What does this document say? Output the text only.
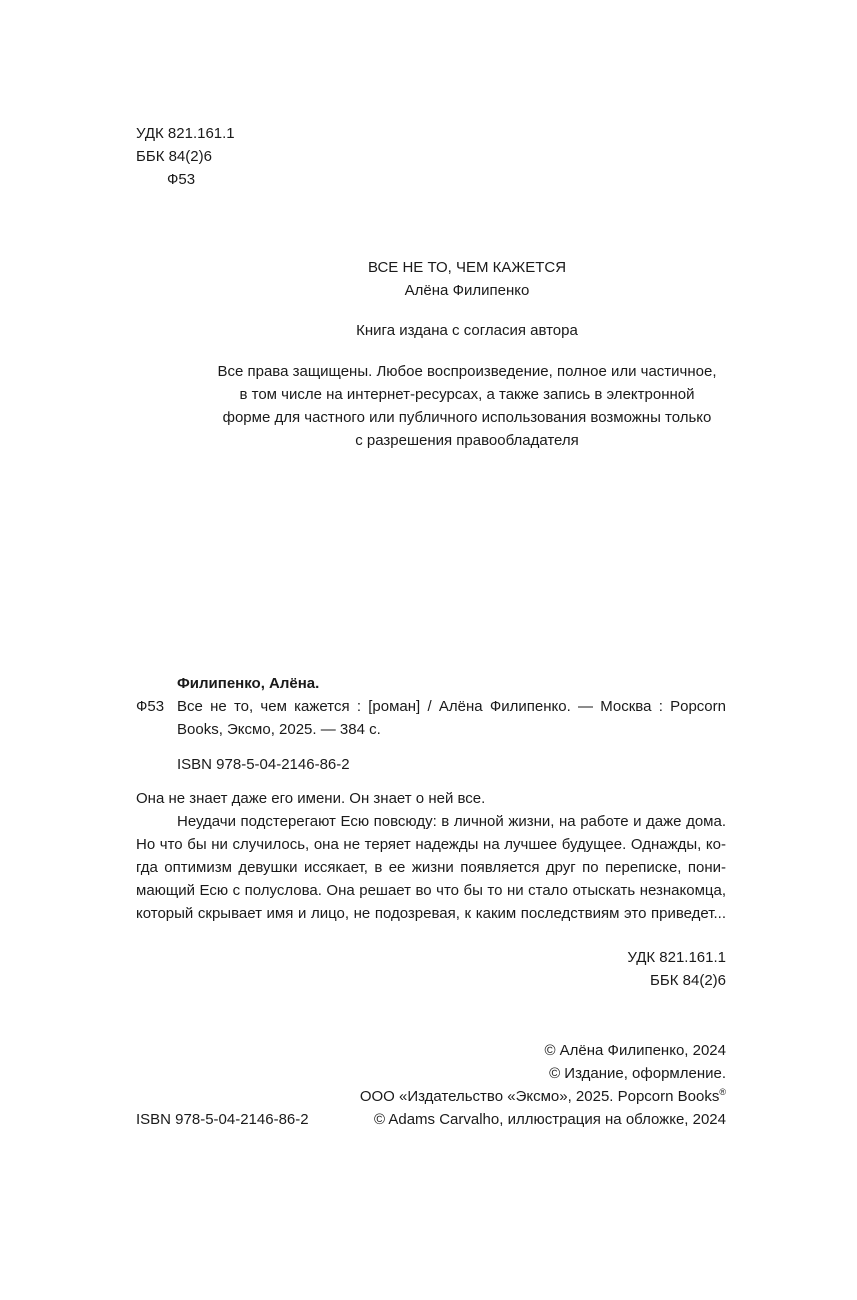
УДК 821.161.1
ББК 84(2)6
Ф53
ВСЕ НЕ ТО, ЧЕМ КАЖЕТСЯ
Алёна Филипенко
Книга издана с согласия автора
Все права защищены. Любое воспроизведение, полное или частичное,
в том числе на интернет-ресурсах, а также запись в электронной
форме для частного или публичного использования возможны только
с разрешения правообладателя
Филипенко, Алёна.
Ф53 Все не то, чем кажется : [роман] / Алёна Филипенко. — Москва : Popcorn
Books, Эксмо, 2025. — 384 с.
ISBN 978-5-04-2146-86-2
Она не знает даже его имени. Он знает о ней все.
Неудачи подстерегают Есю повсюду: в личной жизни, на работе и даже дома.
Но что бы ни случилось, она не теряет надежды на лучшее будущее. Однажды, ко-
гда оптимизм девушки иссякает, в ее жизни появляется друг по переписке, пони-
мающий Есю с полуслова. Она решает во что бы то ни стало отыскать незнакомца,
который скрывает имя и лицо, не подозревая, к каким последствиям это приведет...
УДК 821.161.1
ББК 84(2)6
© Алёна Филипенко, 2024
© Издание, оформление.
ООО «Издательство «Эксмо», 2025. Popcorn Books®
© Adams Carvalho, иллюстрация на обложке, 2024
ISBN 978-5-04-2146-86-2
